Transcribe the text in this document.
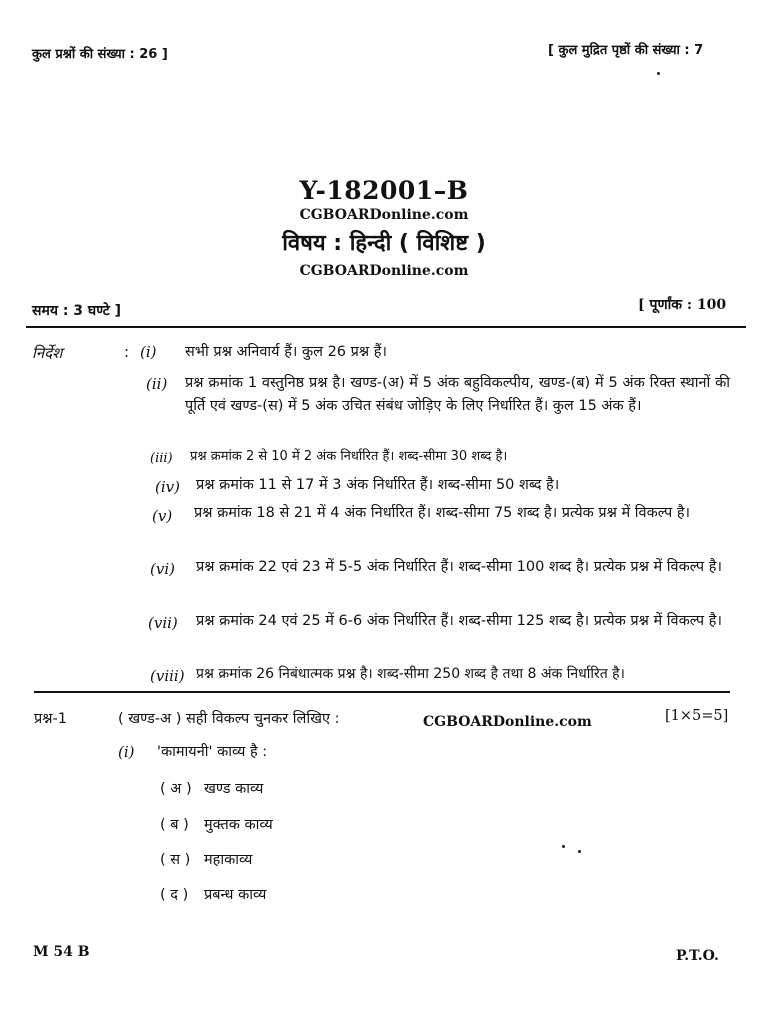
कुल प्रश्नों की संख्या : 26 ]	[ कुल मुद्रित पृष्ठों की संख्या : 7
Y-182001–B
CGBOARDonline.com
विषय : हिन्दी ( विशिष्ट )
CGBOARDonline.com
समय : 3 घण्टे ]	[ पूर्णांक : 100
निर्देश	: (i) सभी प्रश्न अनिवार्य हैं। कुल 26 प्रश्न हैं।
(ii) प्रश्न क्रमांक 1 वस्तुनिष्ठ प्रश्न है। खण्ड-(अ) में 5 अंक बहुविकल्पीय, खण्ड-(ब) में 5 अंक रिक्त स्थानों की पूर्ति एवं खण्ड-(स) में 5 अंक उचित संबंध जोड़िए के लिए निर्धारित हैं। कुल 15 अंक हैं।
(iii) प्रश्न क्रमांक 2 से 10 में 2 अंक निर्धारित हैं। शब्द-सीमा 30 शब्द है।
(iv) प्रश्न क्रमांक 11 से 17 में 3 अंक निर्धारित हैं। शब्द-सीमा 50 शब्द है।
(v) प्रश्न क्रमांक 18 से 21 में 4 अंक निर्धारित हैं। शब्द-सीमा 75 शब्द है। प्रत्येक प्रश्न में विकल्प है।
(vi) प्रश्न क्रमांक 22 एवं 23 में 5-5 अंक निर्धारित हैं। शब्द-सीमा 100 शब्द है। प्रत्येक प्रश्न में विकल्प है।
(vii) प्रश्न क्रमांक 24 एवं 25 में 6-6 अंक निर्धारित हैं। शब्द-सीमा 125 शब्द है। प्रत्येक प्रश्न में विकल्प है।
(viii) प्रश्न क्रमांक 26 निबंधात्मक प्रश्न है। शब्द-सीमा 250 शब्द है तथा 8 अंक निर्धारित है।
प्रश्न-1	( खण्ड-अ ) सही विकल्प चुनकर लिखिए :	CGBOARDonline.com	[1×5=5]
(i) 'कामायनी' काव्य है :
( अ ) खण्ड काव्य
( ब ) मुक्तक काव्य
( स ) महाकाव्य
( द ) प्रबन्ध काव्य
M 54 B	P.T.O.
